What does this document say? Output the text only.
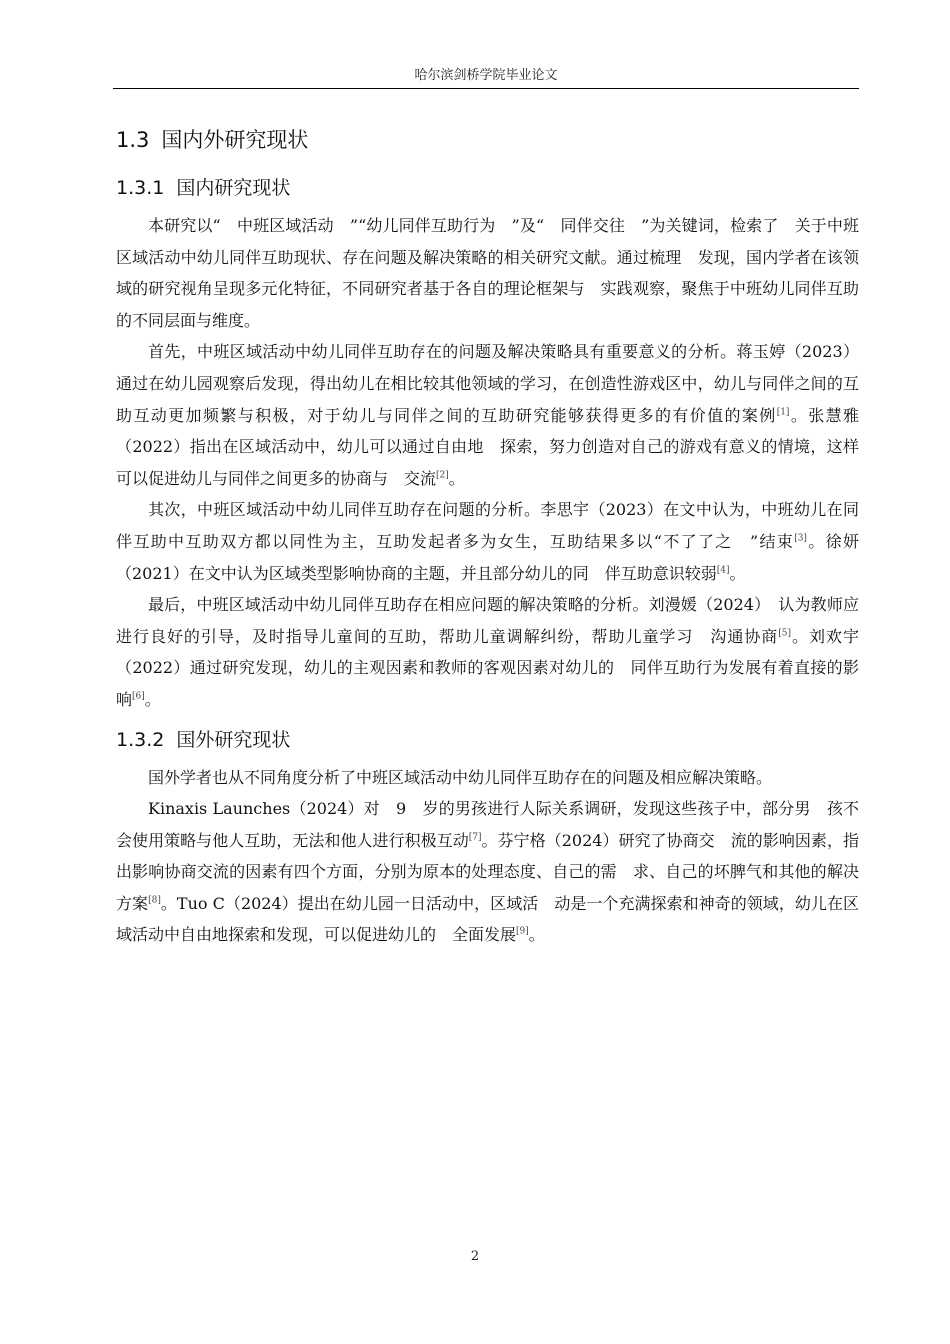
哈尔滨剑桥学院毕业论文
1.3 国内外研究现状
1.3.1 国内研究现状

本研究以“　中班区域活动　”“幼儿同伴互助行为　”及“　同伴交往　”为关键词，检索了　关于中班区域活动中幼儿同伴互助现状、存在问题及解决策略的相关研究文献。通过梳理　发现，国内学者在该领域的研究视角呈现多元化特征，不同研究者基于各自的理论框架与　实践观察，聚焦于中班幼儿同伴互助的不同层面与维度。

首先，中班区域活动中幼儿同伴互助存在的问题及解决策略具有重要意义的分析。蒋玉婷（2023）通过在幼儿园观察后发现，得出幼儿在相比较其他领域的学习，在创造性游戏区中，幼儿与同伴之间的互助互动更加频繁与积极，对于幼儿与同伴之间的互助研究能够获得更多的有价值的案例[1]。张慧雅（2022）指出在区域活动中，幼儿可以通过自由地　探索，努力创造对自己的游戏有意义的情境，这样可以促进幼儿与同伴之间更多的协商与　交流[2]。

其次，中班区域活动中幼儿同伴互助存在问题的分析。李思宇（2023）在文中认为，中班幼儿在同伴互助中互助双方都以同性为主，互助发起者多为女生，互助结果多以“不了了之　”结束[3]。徐妍（2021）在文中认为区域类型影响协商的主题，并且部分幼儿的同　伴互助意识较弱[4]。

最后，中班区域活动中幼儿同伴互助存在相应问题的解决策略的分析。刘漫媛（2024）　认为教师应进行良好的引导，及时指导儿童间的互助，帮助儿童调解纠纷，帮助儿童学习　沟通协商[5]。刘欢宇（2022）通过研究发现，幼儿的主观因素和教师的客观因素对幼儿的　同伴互助行为发展有着直接的影响[6]。

1.3.2 国外研究现状

国外学者也从不同角度分析了中班区域活动中幼儿同伴互助存在的问题及相应解决策略。

Kinaxis Launches（2024）对　9　岁的男孩进行人际关系调研，发现这些孩子中，部分男　孩不会使用策略与他人互助，无法和他人进行积极互动[7]。芬宁格（2024）研究了协商交　流的影响因素，指出影响协商交流的因素有四个方面，分别为原本的处理态度、自己的需　求、自己的坏脾气和其他的解决方案[8]。Tuo C（2024）提出在幼儿园一日活动中，区域活　动是一个充满探索和神奇的领域，幼儿在区域活动中自由地探索和发现，可以促进幼儿的　全面发展[9]。

2
